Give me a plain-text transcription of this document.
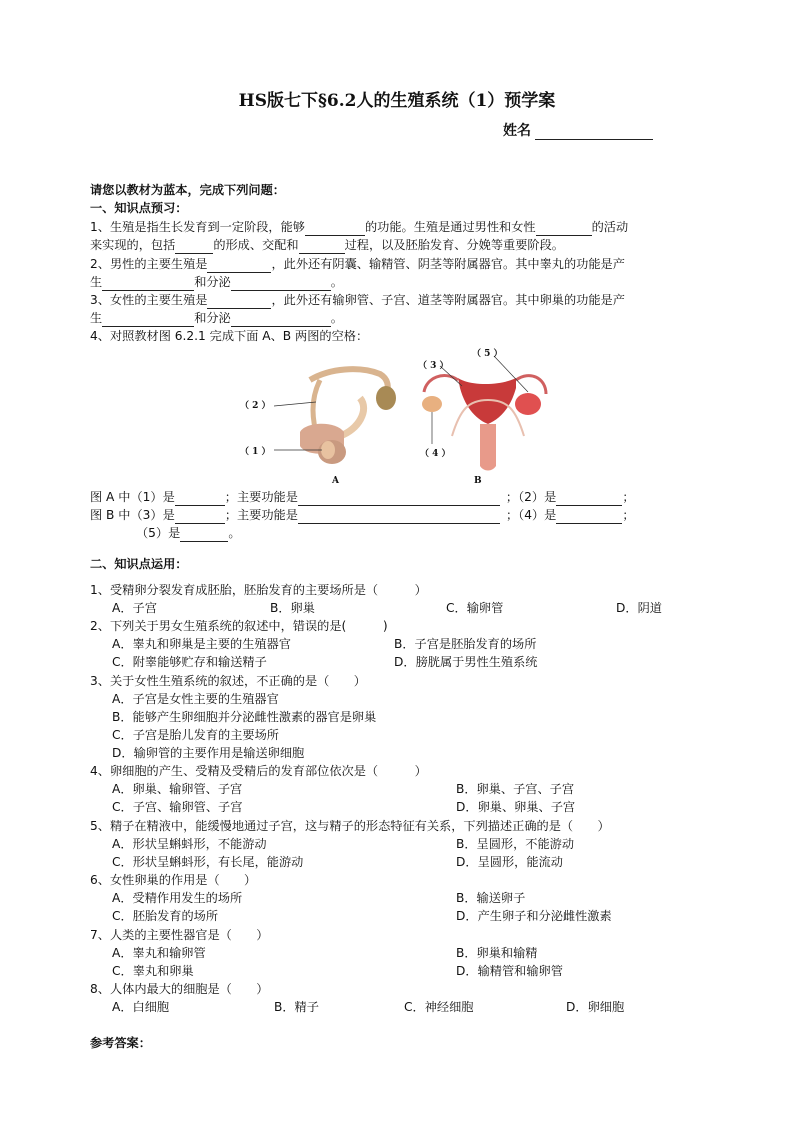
HS版七下§6.2人的生殖系统（1）预学案
姓名
请您以教材为蓝本，完成下列问题：
一、知识点预习：
1、生殖是指生长发育到一定阶段，能够	的功能。生殖是通过男性和女性	的活动
来实现的，包括	的形成、交配和	过程，以及胚胎发育、分娩等重要阶段。
2、男性的主要生殖是	，此外还有阴囊、输精管、阴茎等附属器官。其中睾丸的功能是产
生	和分泌	。
3、女性的主要生殖是	，此外还有输卵管、子宫、道茎等附属器官。其中卵巢的功能是产
生	和分泌	。
4、对照教材图 6.2.1 完成下面 A、B 两图的空格：
（ 2 ）
（ 1 ）
（ 3 ）
（ 5 ）
（ 4 ）
A	B
图 A 中（1）是	；主要功能是	；（2）是	；
图 B 中（3）是	；主要功能是	；（4）是	；
（5）是	。
二、知识点运用：
1、受精卵分裂发育成胚胎，胚胎发育的主要场所是（　　　）
A．子宫	B．卵巢	C．输卵管	D．阴道
2、下列关于男女生殖系统的叙述中，错误的是(　　　)
A．睾丸和卵巢是主要的生殖器官	B．子宫是胚胎发育的场所
C．附睾能够贮存和输送精子	D．膀胱属于男性生殖系统
3、关于女性生殖系统的叙述，不正确的是（　　）
A．子宫是女性主要的生殖器官
B．能够产生卵细胞并分泌雌性激素的器官是卵巢
C．子宫是胎儿发育的主要场所
D．输卵管的主要作用是输送卵细胞
4、卵细胞的产生、受精及受精后的发育部位依次是（　　　）
A．卵巢、输卵管、子宫	B．卵巢、子宫、子宫
C．子宫、输卵管、子宫	D．卵巢、卵巢、子宫
5、精子在精液中，能缓慢地通过子宫，这与精子的形态特征有关系，下列描述正确的是（　　）
A．形状呈蝌蚪形，不能游动	B．呈圆形，不能游动
C．形状呈蝌蚪形，有长尾，能游动	D．呈圆形，能流动
6、女性卵巢的作用是（　　）
A．受精作用发生的场所	B．输送卵子
C．胚胎发育的场所	D．产生卵子和分泌雌性激素
7、人类的主要性器官是（　　）
A．睾丸和输卵管	B．卵巢和输精
C．睾丸和卵巢	D．输精管和输卵管
8、人体内最大的细胞是（　　）
A．白细胞	B．精子	C．神经细胞	D．卵细胞
参考答案：
